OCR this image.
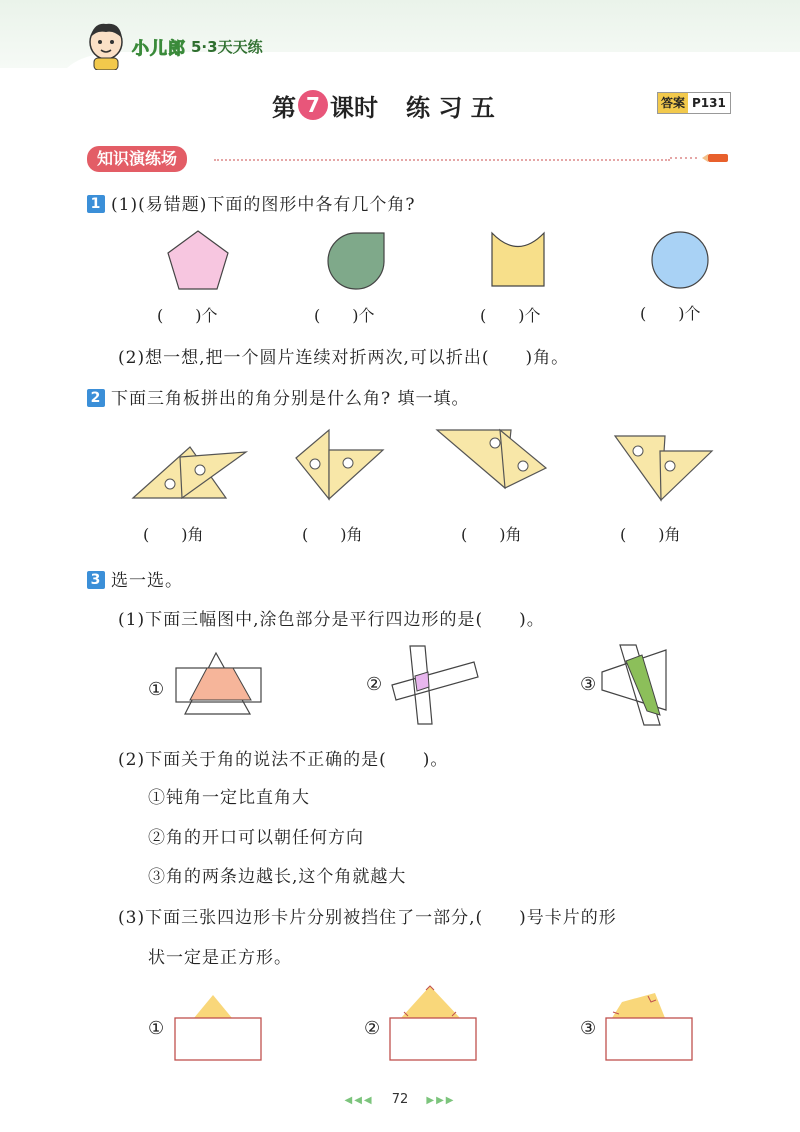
小儿郎 5·3天天练
第 7 课时 练 习 五	答案 P131
知识演练场
1 (1)(易错题)下面的图形中各有几个角?
(　　)个	(　　)个	(　　)个	(　　)个
(2)想一想,把一个圆片连续对折两次,可以折出(　　)角。
2 下面三角板拼出的角分别是什么角? 填一填。
(　　)角	(　　)角	(　　)角	(　　)角
3 选一选。
(1)下面三幅图中,涂色部分是平行四边形的是(　　)。
①	②	③
(2)下面关于角的说法不正确的是(　　)。
①钝角一定比直角大
②角的开口可以朝任何方向
③角的两条边越长,这个角就越大
(3)下面三张四边形卡片分别被挡住了一部分,(　　)号卡片的形
状一定是正方形。
①	②	③
◀◀◀ 72 ▶▶▶
